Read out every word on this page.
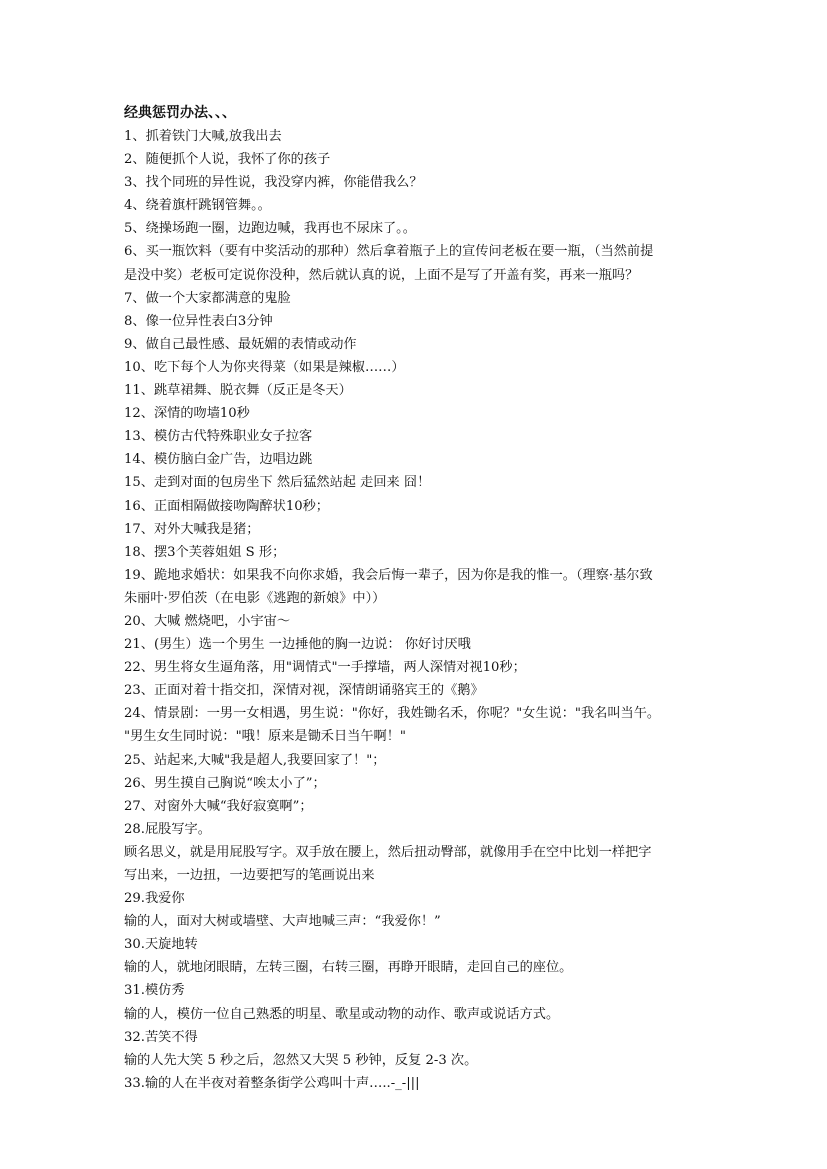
经典惩罚办法、、、
1、抓着铁门大喊,放我出去
2、随便抓个人说，我怀了你的孩子
3、找个同班的异性说，我没穿内裤，你能借我么？
4、绕着旗杆跳钢管舞。。
5、绕操场跑一圈，边跑边喊，我再也不尿床了。。
6、买一瓶饮料（要有中奖活动的那种）然后拿着瓶子上的宣传问老板在要一瓶，（当然前提
是没中奖）老板可定说你没种，然后就认真的说，上面不是写了开盖有奖，再来一瓶吗？
7、做一个大家都满意的鬼脸
8、像一位异性表白3分钟
9、做自己最性感、最妩媚的表情或动作
10、吃下每个人为你夹得菜（如果是辣椒……）
11、跳草裙舞、脱衣舞（反正是冬天）
12、深情的吻墙10秒
13、模仿古代特殊职业女子拉客
14、模仿脑白金广告，边唱边跳
15、走到对面的包房坐下 然后猛然站起 走回来 囧！
16、正面相隔做接吻陶醉状10秒；
17、对外大喊我是猪；
18、摆3个芙蓉姐姐 S 形；
19、跪地求婚状：如果我不向你求婚，我会后悔一辈子，因为你是我的惟一。（理察·基尔致
朱丽叶·罗伯茨（在电影《逃跑的新娘》中））
20、大喊 燃烧吧，小宇宙～
21、(男生）选一个男生 一边捶他的胸一边说： 你好讨厌哦
22、男生将女生逼角落，用"调情式"一手撑墙，两人深情对视10秒；
23、正面对着十指交扣，深情对视，深情朗诵骆宾王的《鹅》
24、情景剧：一男一女相遇，男生说："你好，我姓锄名禾，你呢？"女生说："我名叫当午。
"男生女生同时说："哦！原来是锄禾日当午啊！"
25、站起来,大喊"我是超人,我要回家了！"；
26、男生摸自己胸说“唉太小了”；
27、对窗外大喊“我好寂寞啊”；
28.屁股写字。
顾名思义，就是用屁股写字。双手放在腰上，然后扭动臀部，就像用手在空中比划一样把字
写出来，一边扭，一边要把写的笔画说出来
29.我爱你
输的人，面对大树或墙壁、大声地喊三声：“我爱你！”
30.天旋地转
输的人，就地闭眼睛，左转三圈，右转三圈，再睁开眼睛，走回自己的座位。
31.模仿秀
输的人，模仿一位自己熟悉的明星、歌星或动物的动作、歌声或说话方式。
32.苦笑不得
输的人先大笑 5 秒之后，忽然又大哭 5 秒钟，反复 2-3 次。
33.输的人在半夜对着整条街学公鸡叫十声…..-_-|||
